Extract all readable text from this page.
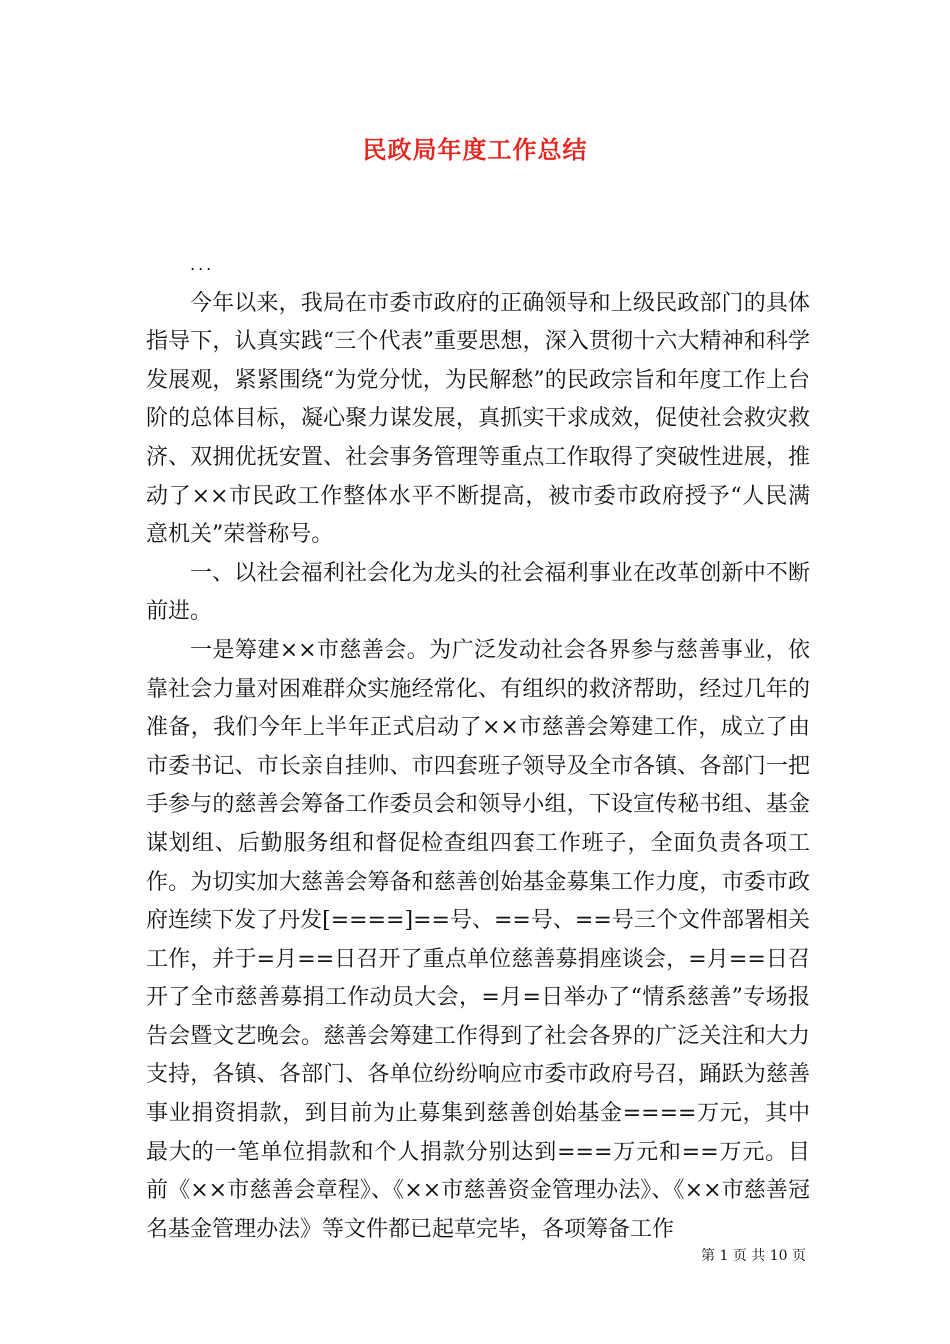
民政局年度工作总结

...

今年以来，我局在市委市政府的正确领导和上级民政部门的具体指导下，认真实践“三个代表”重要思想，深入贯彻十六大精神和科学发展观，紧紧围绕“为党分忧，为民解愁”的民政宗旨和年度工作上台阶的总体目标，凝心聚力谋发展，真抓实干求成效，促使社会救灾救济、双拥优抚安置、社会事务管理等重点工作取得了突破性进展，推动了××市民政工作整体水平不断提高，被市委市政府授予“人民满意机关”荣誉称号。

一、以社会福利社会化为龙头的社会福利事业在改革创新中不断前进。

一是筹建××市慈善会。为广泛发动社会各界参与慈善事业，依靠社会力量对困难群众实施经常化、有组织的救济帮助，经过几年的准备，我们今年上半年正式启动了××市慈善会筹建工作，成立了由市委书记、市长亲自挂帅、市四套班子领导及全市各镇、各部门一把手参与的慈善会筹备工作委员会和领导小组，下设宣传秘书组、基金谋划组、后勤服务组和督促检查组四套工作班子，全面负责各项工作。为切实加大慈善会筹备和慈善创始基金募集工作力度，市委市政府连续下发了丹发[====]==号、==号、==号三个文件部署相关工作，并于=月==日召开了重点单位慈善募捐座谈会，=月==日召开了全市慈善募捐工作动员大会，=月=日举办了“情系慈善”专场报告会暨文艺晚会。慈善会筹建工作得到了社会各界的广泛关注和大力支持，各镇、各部门、各单位纷纷响应市委市政府号召，踊跃为慈善事业捐资捐款，到目前为止募集到慈善创始基金====万元，其中最大的一笔单位捐款和个人捐款分别达到===万元和==万元。目前《××市慈善会章程》、《××市慈善资金管理办法》、《××市慈善冠名基金管理办法》等文件都已起草完毕，各项筹备工作

第 1 页 共 10 页
